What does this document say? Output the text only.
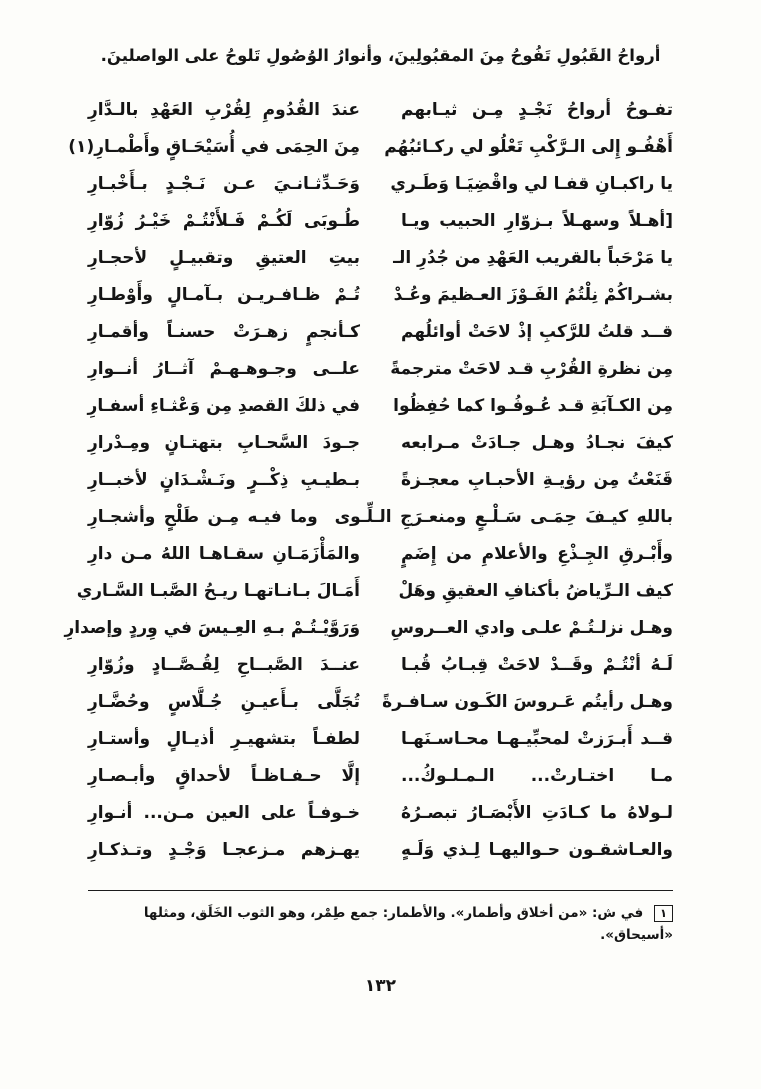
أرواحُ القَبُولِ تَفُوحُ مِنَ المقبُولِينَ، وأنوارُ الوُصُولِ تَلوحُ على الواصلينَ.
تفـوحُ أرواحُ نَجْـدٍ مِـن ثيـابهم
عندَ القُدُومِ لِقُرْبِ العَهْدِ بالـدَّارِ
أَهْفُـو إِلى الـرَّكْبِ تَعْلُو لي ركـائبُهُم
مِنَ الحِمَى في أُسَيْحَـاقٍ وأَطْمـارِ(١)
يا راكبـانِ قفـا لي واقْضِيَـا وَطَـري
وَحَـدِّثـانـيَ عـن نَـجْـدٍ بـأَخْبـارِ
[أهـلاً وسهـلاً بـزوّارِ الحبيب ويـا
طُـوبَى لَكُـمْ فَـلأَنْتُـمْ خَيْـرُ زُوّارِ
يا مَرْحَباً بالقريب العَهْدِ من جُدُرِ الـ
بيتِ العتيقِ وتقبيـلٍ لأحجـارِ
بشـراكُمْ نِلْتُمُ الفَـوْزَ العـظيمَ وعُـدْ
تُـمْ ظـافـريـن بـآمـالٍ وأَوْطـارِ
قــد قلتُ للرَّكبِ إذْ لاحَتْ أوائلُهم
كـأنجمٍ زهـرَتْ حسنـاً وأقمـارِ
مِن نظرةِ القُرْبِ قـد لاحَتْ مترجمةً
علــى وجـوهـهـمْ آثــارُ أنــوارِ
مِن الكـآبَةِ قـد عُـوفُـوا كما حُفِظُوا
في ذلكَ القصدِ مِن وَعْثـاءِ أسفـارِ
كيفَ نجـادُ وهـل جـادَتْ مـرابعه
جـودَ السَّحـابِ بتهتـانٍ ومِـدْرارِ
قَنَعْتُ مِن رؤيـةِ الأحبـابِ معجـزةً
بـطيـبِ ذِكْــرٍ ونَـشْـدَانٍ لأخبــارِ
باللهِ كيـفَ حِمَـى سَـلْـعٍ ومنعـرَجِ الـلِّـوى  وما فيـه مِـن طَلْحٍ وأشجـارِ
وأَبْـرقِ الجِـذْعِ والأعلامِ من إِضَمٍ
والمَأْزَمَـانِ سقـاهـا اللهُ مـن دارِ
كيف الـرِّياضُ بأكنافِ العقيقِ وهَلْ
أَمَـالَ بـانـاتهـا ريـحُ الصَّبـا السَّـاري
وهـل نزلـتُـمْ علـى وادي العــروسِ
وَرَوَّيْـتُـمْ بـهِ العِـيسَ في وِردٍ وإصدارِ
لَـهُ أنْتُـمْ وقَــدْ لاحَتْ قِبـابُ قُبـا
عنــدَ الصَّبــاحِ لِقُـصَّــادٍ وزُوّارِ
وهـل رأيتُم عَـروسَ الكَـون سـافـرةً
تُجَلَّى بـأَعيـنِ جُـلَّاسٍ وحُضَّـارِ
قــد أَبـرَزتْ لمحبِّيـهـا محـاسـنَهـا
لطفـاً بتشهيـرِ أذيـالٍ وأستـارِ
مـا اختـارتْ... الـمـلـوكُ...
إلَّا حـفـاظـاً لأحداقٍ وأبـصـارِ
لـولاهُ ما كـادَتِ الأَبْصَـارُ تبصـرُهُ
خـوفـاً على العين مـن... أنـوارِ
والعـاشقـون حـواليهـا لِـذي وَلَـهٍ
يهـزهم مـزعجـا وَجْـدٍ وتـذكـارِ
١ في ش: «من أخلاق وأطمار». والأطمار: جمع طِمْر، وهو الثوب الخَلَق، ومثلها «أسيحاق».
١٣٢
